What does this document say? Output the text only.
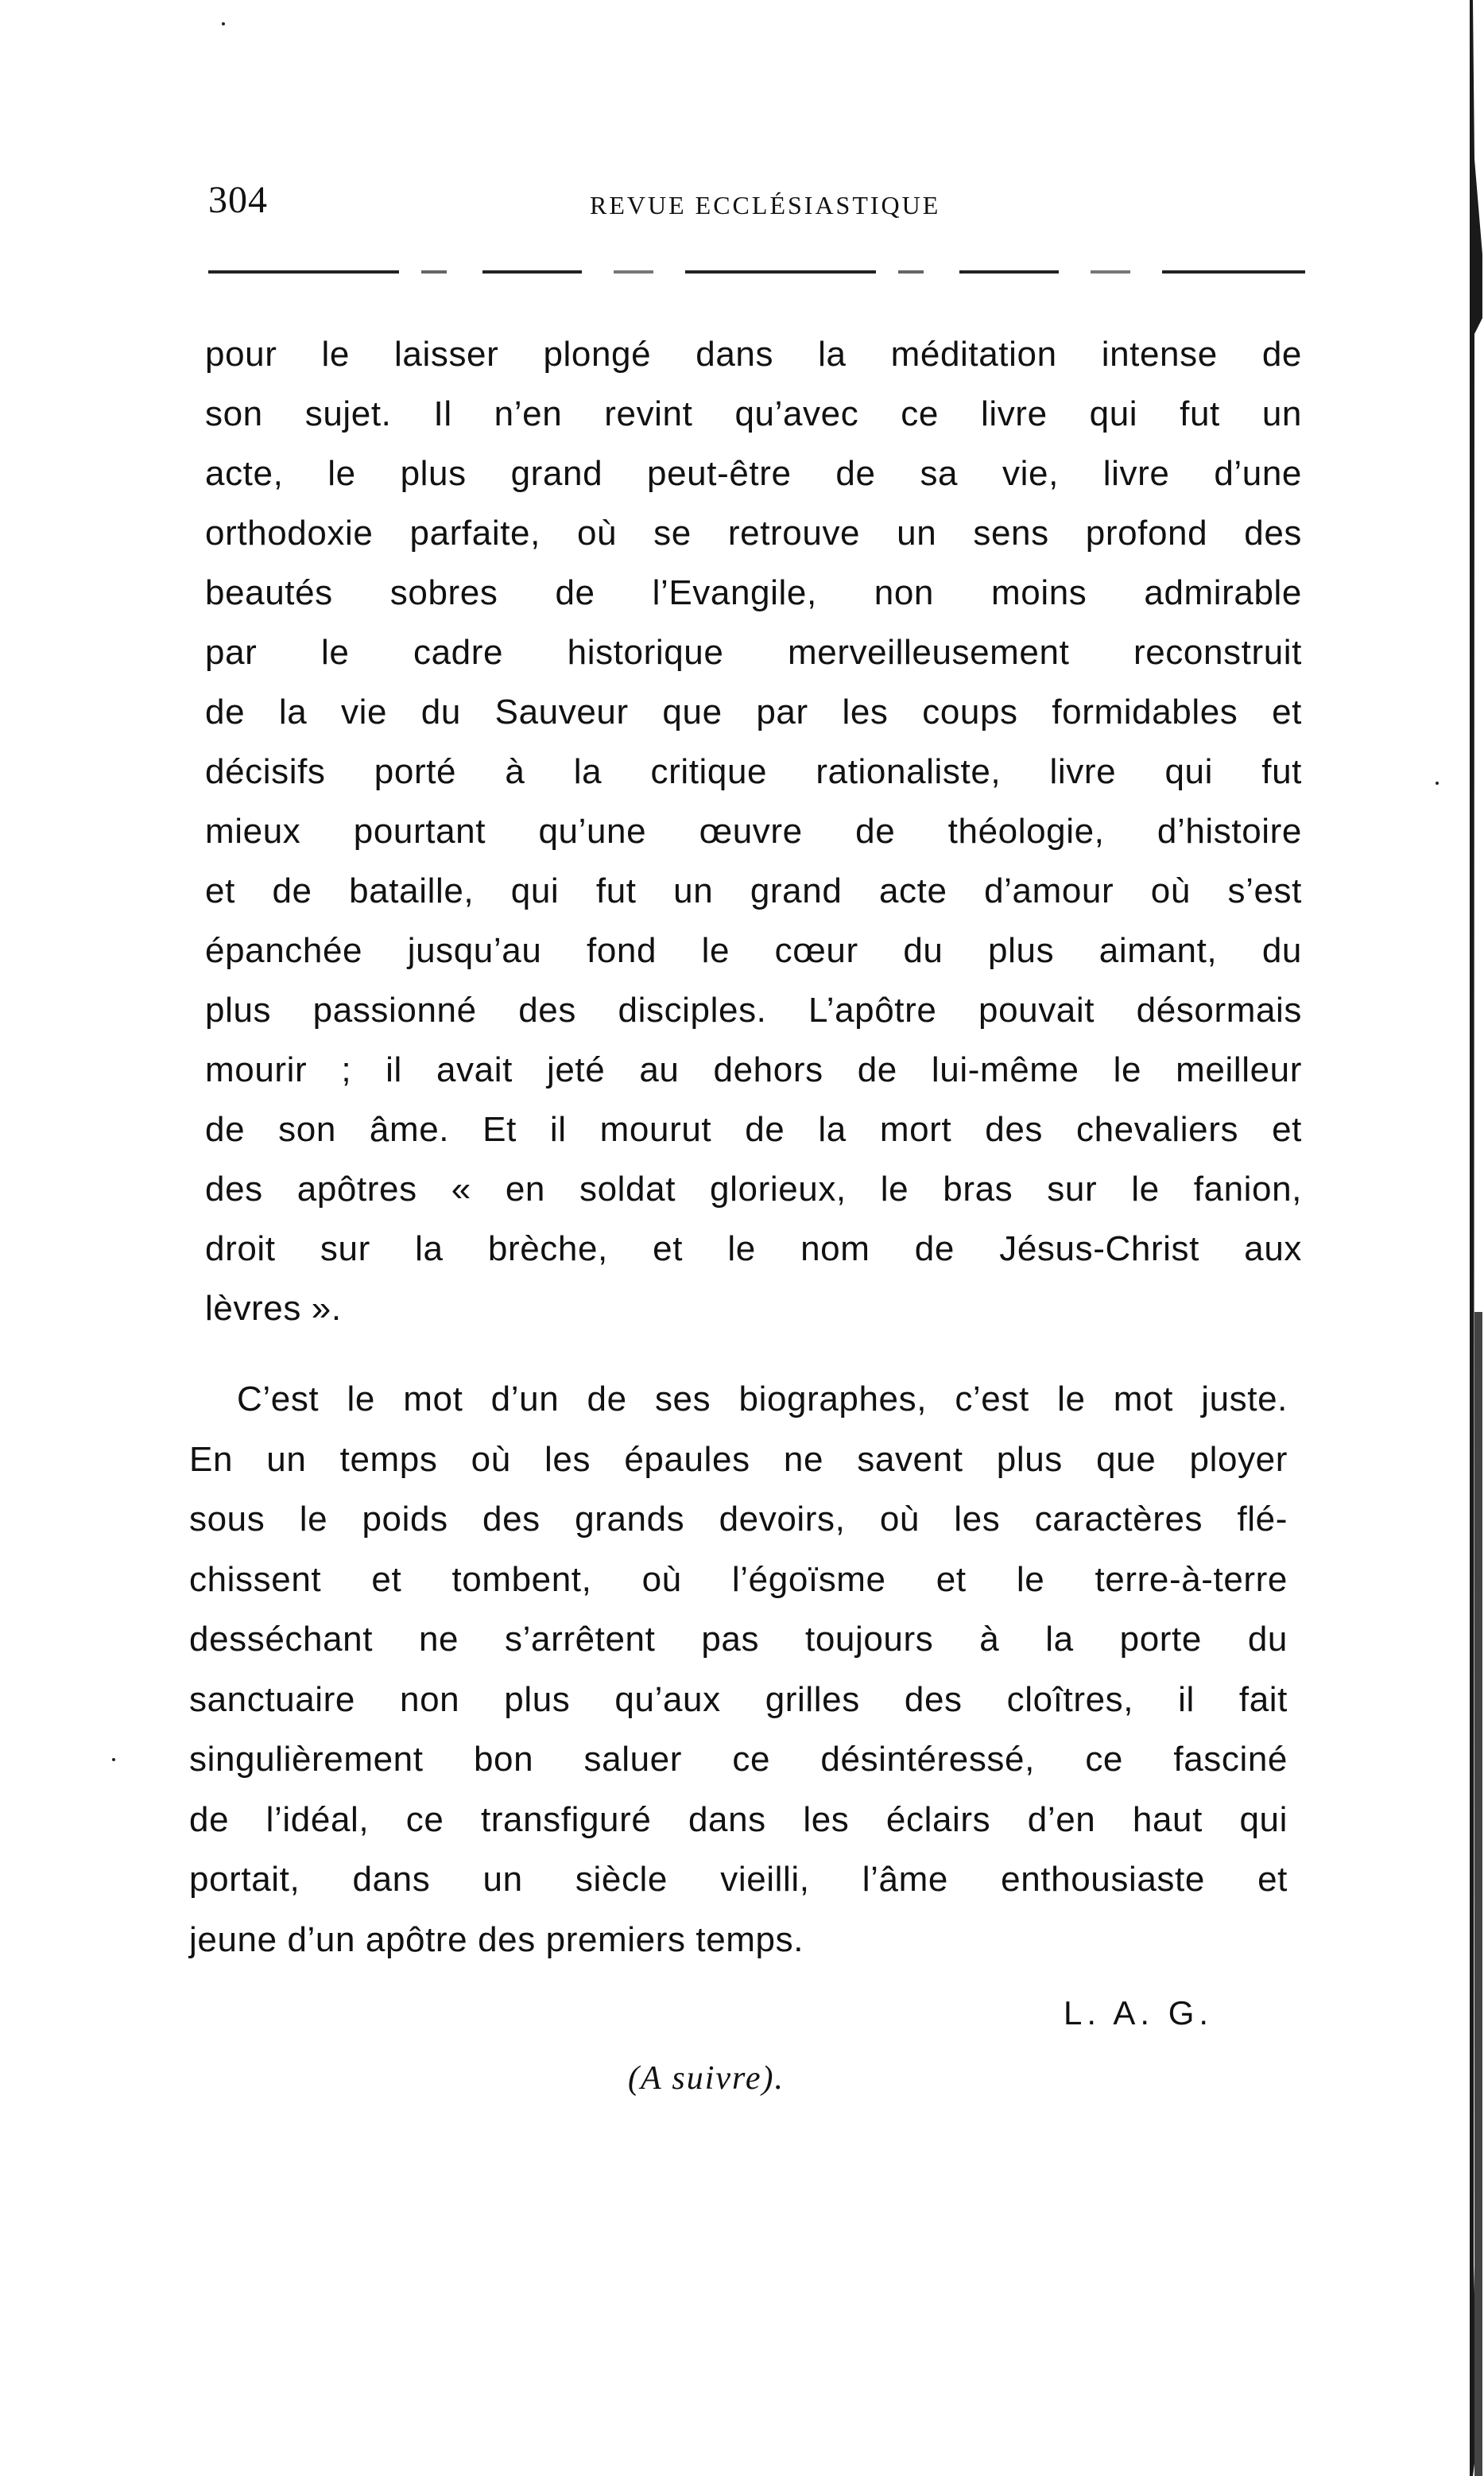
304	REVUE ECCLÉSIASTIQUE
pour le laisser plongé dans la méditation intense de
son sujet. Il n’en revint qu’avec ce livre qui fut un
acte, le plus grand peut-être de sa vie, livre d’une
orthodoxie parfaite, où se retrouve un sens profond des
beautés sobres de l’Evangile, non moins admirable
par le cadre historique merveilleusement reconstruit
de la vie du Sauveur que par les coups formidables et
décisifs porté à la critique rationaliste, livre qui fut
mieux pourtant qu’une œuvre de théologie, d’histoire
et de bataille, qui fut un grand acte d’amour où s’est
épanchée jusqu’au fond le cœur du plus aimant, du
plus passionné des disciples. L’apôtre pouvait désormais
mourir ; il avait jeté au dehors de lui-même le meilleur
de son âme. Et il mourut de la mort des chevaliers et
des apôtres « en soldat glorieux, le bras sur le fanion,
droit sur la brèche, et le nom de Jésus-Christ aux
lèvres ».
C’est le mot d’un de ses biographes, c’est le mot juste.
En un temps où les épaules ne savent plus que ployer
sous le poids des grands devoirs, où les caractères flé-
chissent et tombent, où l’égoïsme et le terre-à-terre
desséchant ne s’arrêtent pas toujours à la porte du
sanctuaire non plus qu’aux grilles des cloîtres, il fait
singulièrement bon saluer ce désintéressé, ce fasciné
de l’idéal, ce transfiguré dans les éclairs d’en haut qui
portait, dans un siècle vieilli, l’âme enthousiaste et
jeune d’un apôtre des premiers temps.
L. A. G.
(A suivre).
